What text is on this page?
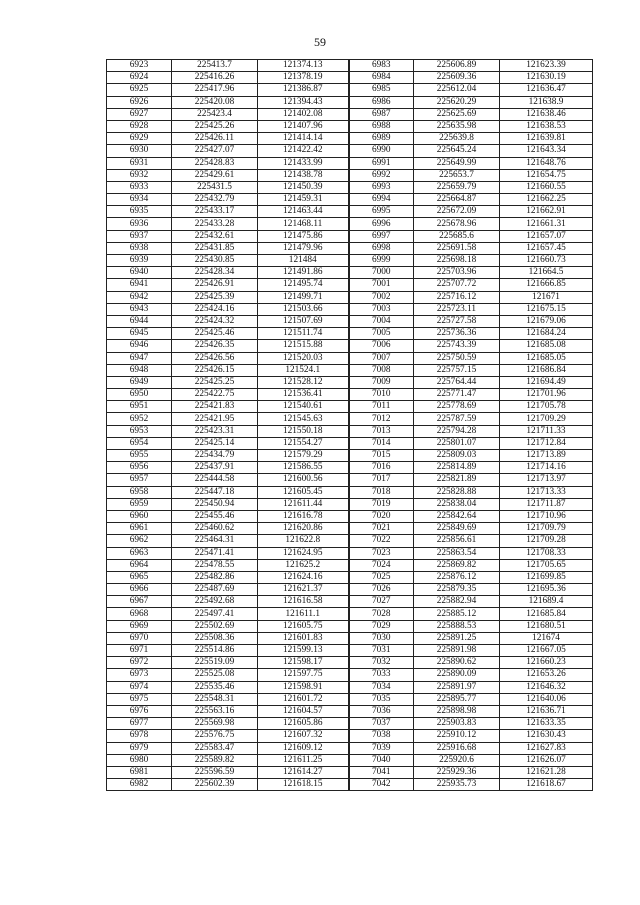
59
6923	225413.7	121374.13	6983	225606.89	121623.39
6924	225416.26	121378.19	6984	225609.36	121630.19
6925	225417.96	121386.87	6985	225612.04	121636.47
6926	225420.08	121394.43	6986	225620.29	121638.9
6927	225423.4	121402.08	6987	225625.69	121638.46
6928	225425.26	121407.96	6988	225635.98	121638.53
6929	225426.11	121414.14	6989	225639.8	121639.81
6930	225427.07	121422.42	6990	225645.24	121643.34
6931	225428.83	121433.99	6991	225649.99	121648.76
6932	225429.61	121438.78	6992	225653.7	121654.75
6933	225431.5	121450.39	6993	225659.79	121660.55
6934	225432.79	121459.31	6994	225664.87	121662.25
6935	225433.17	121463.44	6995	225672.09	121662.91
6936	225433.28	121468.11	6996	225678.96	121661.31
6937	225432.61	121475.86	6997	225685.6	121657.07
6938	225431.85	121479.96	6998	225691.58	121657.45
6939	225430.85	121484	6999	225698.18	121660.73
6940	225428.34	121491.86	7000	225703.96	121664.5
6941	225426.91	121495.74	7001	225707.72	121666.85
6942	225425.39	121499.71	7002	225716.12	121671
6943	225424.16	121503.66	7003	225723.11	121675.15
6944	225424.32	121507.69	7004	225727.58	121679.06
6945	225425.46	121511.74	7005	225736.36	121684.24
6946	225426.35	121515.88	7006	225743.39	121685.08
6947	225426.56	121520.03	7007	225750.59	121685.05
6948	225426.15	121524.1	7008	225757.15	121686.84
6949	225425.25	121528.12	7009	225764.44	121694.49
6950	225422.75	121536.41	7010	225771.47	121701.96
6951	225421.83	121540.61	7011	225778.69	121705.78
6952	225421.95	121545.63	7012	225787.59	121709.29
6953	225423.31	121550.18	7013	225794.28	121711.33
6954	225425.14	121554.27	7014	225801.07	121712.84
6955	225434.79	121579.29	7015	225809.03	121713.89
6956	225437.91	121586.55	7016	225814.89	121714.16
6957	225444.58	121600.56	7017	225821.89	121713.97
6958	225447.18	121605.45	7018	225828.88	121713.33
6959	225450.94	121611.44	7019	225838.04	121711.87
6960	225455.46	121616.78	7020	225842.64	121710.96
6961	225460.62	121620.86	7021	225849.69	121709.79
6962	225464.31	121622.8	7022	225856.61	121709.28
6963	225471.41	121624.95	7023	225863.54	121708.33
6964	225478.55	121625.2	7024	225869.82	121705.65
6965	225482.86	121624.16	7025	225876.12	121699.85
6966	225487.69	121621.37	7026	225879.35	121695.36
6967	225492.68	121616.58	7027	225882.94	121689.4
6968	225497.41	121611.1	7028	225885.12	121685.84
6969	225502.69	121605.75	7029	225888.53	121680.51
6970	225508.36	121601.83	7030	225891.25	121674
6971	225514.86	121599.13	7031	225891.98	121667.05
6972	225519.09	121598.17	7032	225890.62	121660.23
6973	225525.08	121597.75	7033	225890.09	121653.26
6974	225535.46	121598.91	7034	225891.97	121646.32
6975	225548.31	121601.72	7035	225895.77	121640.06
6976	225563.16	121604.57	7036	225898.98	121636.71
6977	225569.98	121605.86	7037	225903.83	121633.35
6978	225576.75	121607.32	7038	225910.12	121630.43
6979	225583.47	121609.12	7039	225916.68	121627.83
6980	225589.82	121611.25	7040	225920.6	121626.07
6981	225596.59	121614.27	7041	225929.36	121621.28
6982	225602.39	121618.15	7042	225935.73	121618.67
